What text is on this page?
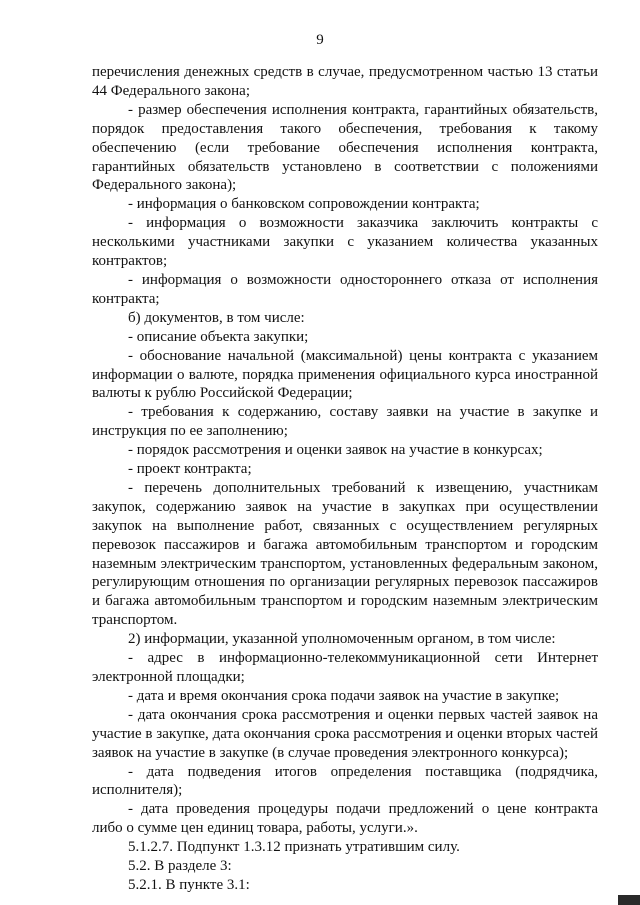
9

перечисления денежных средств в случае, предусмотренном частью 13 статьи 44 Федерального закона;

- размер обеспечения исполнения контракта, гарантийных обязательств, порядок предоставления такого обеспечения, требования к такому обеспечению (если требование обеспечения исполнения контракта, гарантийных обязательств установлено в соответствии с положениями Федерального закона);

- информация о банковском сопровождении контракта;

- информация о возможности заказчика заключить контракты с несколькими участниками закупки с указанием количества указанных контрактов;

- информация о возможности одностороннего отказа от исполнения контракта;

б) документов, в том числе:

- описание объекта закупки;

- обоснование начальной (максимальной) цены контракта с указанием информации о валюте, порядка применения официального курса иностранной валюты к рублю Российской Федерации;

- требования к содержанию, составу заявки на участие в закупке и инструкция по ее заполнению;

- порядок рассмотрения и оценки заявок на участие в конкурсах;

- проект контракта;

- перечень дополнительных требований к извещению, участникам закупок, содержанию заявок на участие в закупках при осуществлении закупок на выполнение работ, связанных с осуществлением регулярных перевозок пассажиров и багажа автомобильным транспортом и городским наземным электрическим транспортом, установленных федеральным законом, регулирующим отношения по организации регулярных перевозок пассажиров и багажа автомобильным транспортом и городским наземным электрическим транспортом.

2) информации, указанной уполномоченным органом, в том числе:

- адрес в информационно-телекоммуникационной сети Интернет электронной площадки;

- дата и время окончания срока подачи заявок на участие в закупке;

- дата окончания срока рассмотрения и оценки первых частей заявок на участие в закупке, дата окончания срока рассмотрения и оценки вторых частей заявок на участие в закупке (в случае проведения электронного конкурса);

- дата подведения итогов определения поставщика (подрядчика, исполнителя);

- дата проведения процедуры подачи предложений о цене контракта либо о сумме цен единиц товара, работы, услуги.».

5.1.2.7. Подпункт 1.3.12 признать утратившим силу.

5.2. В разделе 3:

5.2.1. В пункте 3.1:
